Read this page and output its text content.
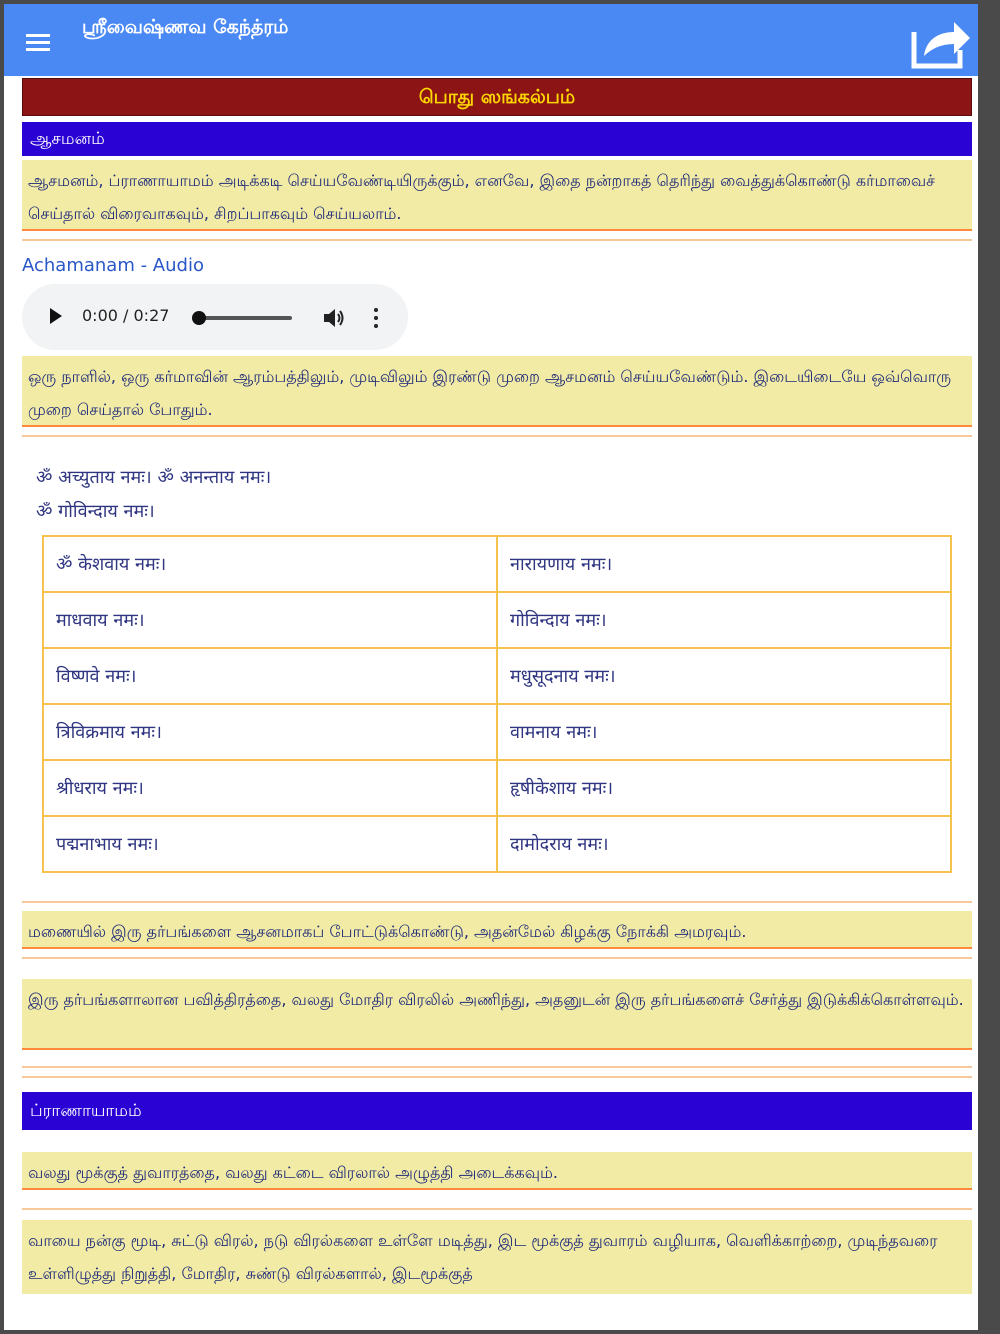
ஸ்ரீவைஷ்ணவ கேந்த்ரம்
பொது ஸங்கல்பம்
ஆசமனம்
ஆசமனம், ப்ராணாயாமம் அடிக்கடி செய்யவேண்டியிருக்கும், எனவே, இதை நன்றாகத் தெரிந்து வைத்துக்கொண்டு கர்மாவைச் செய்தால் விரைவாகவும், சிறப்பாகவும் செய்யலாம்.
Achamanam - Audio
0:00 / 0:27
ஒரு நாளில், ஒரு கர்மாவின் ஆரம்பத்திலும், முடிவிலும் இரண்டு முறை ஆசமனம் செய்யவேண்டும். இடையிடையே ஒவ்வொரு முறை செய்தால் போதும்.
ॐ अच्युताय नमः। ॐ अनन्ताय नमः।
ॐ गोविन्दाय नमः।
ॐ केशवाय नमः।	नारायणाय नमः।
माधवाय नमः।	गोविन्दाय नमः।
विष्णवे नमः।	मधुसूदनाय नमः।
त्रिविक्रमाय नमः।	वामनाय नमः।
श्रीधराय नमः।	हृषीकेशाय नमः।
पद्मनाभाय नमः।	दामोदराय नमः।
மணையில் இரு தர்பங்களை ஆசனமாகப் போட்டுக்கொண்டு, அதன்மேல் கிழக்கு நோக்கி அமரவும்.
இரு தர்பங்களாலான பவித்திரத்தை, வலது மோதிர விரலில் அணிந்து, அதனுடன் இரு தர்பங்களைச் சேர்த்து இடுக்கிக்கொள்ளவும்.
ப்ராணாயாமம்
வலது மூக்குத் துவாரத்தை, வலது கட்டை விரலால் அழுத்தி அடைக்கவும்.
வாயை நன்கு மூடி, சுட்டு விரல், நடு விரல்களை உள்ளே மடித்து, இட மூக்குத் துவாரம் வழியாக, வெளிக்காற்றை, முடிந்தவரை உள்ளிழுத்து நிறுத்தி, மோதிர, சுண்டு விரல்களால், இடமூக்குத்
